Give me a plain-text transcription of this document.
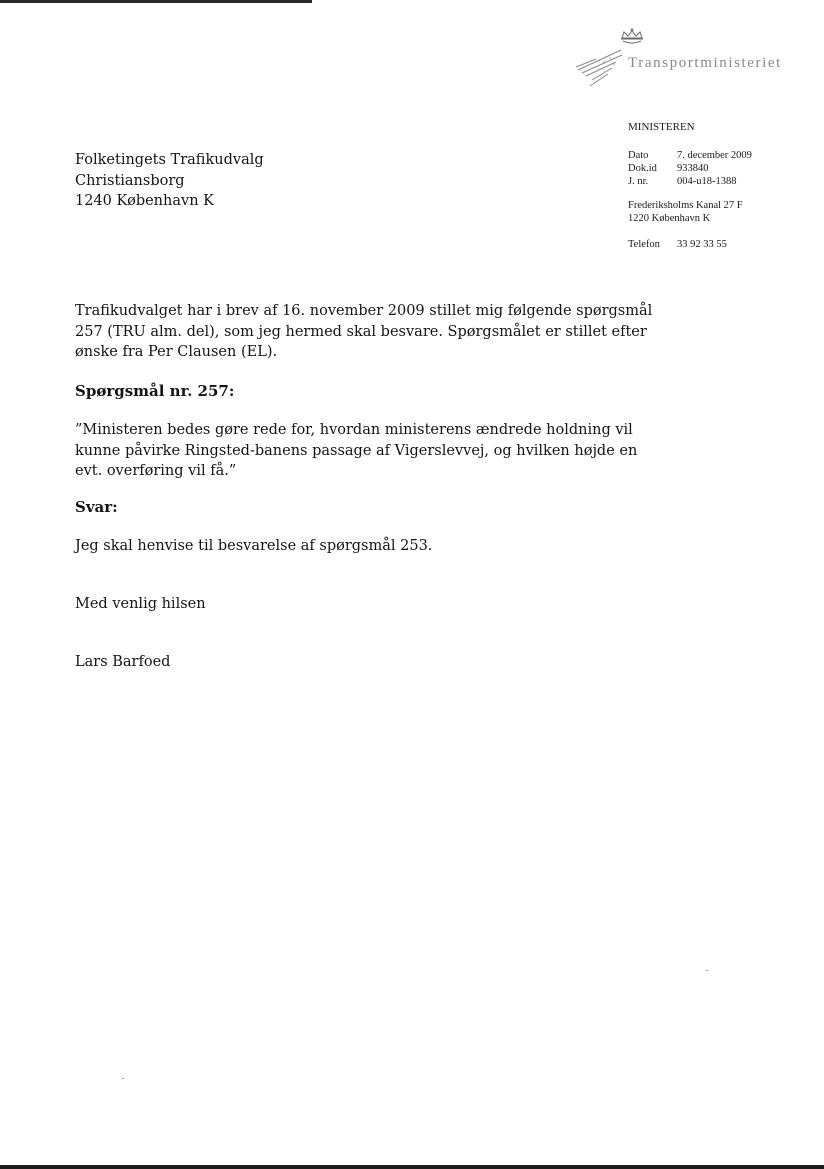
Transportministeriet
MINISTEREN
Dato	7. december 2009
Dok.id	933840
J. nr.	004-u18-1388
Frederiksholms Kanal 27 F
1220 København K
Telefon	33 92 33 55
Folketingets Trafikudvalg
Christiansborg
1240 København K
Trafikudvalget har i brev af 16. november 2009 stillet mig følgende spørgsmål
257 (TRU alm. del), som jeg hermed skal besvare. Spørgsmålet er stillet efter
ønske fra Per Clausen (EL).
Spørgsmål nr. 257:
”Ministeren bedes gøre rede for, hvordan ministerens ændrede holdning vil
kunne påvirke Ringsted-banens passage af Vigerslevvej, og hvilken højde en
evt. overføring vil få.”
Svar:
Jeg skal henvise til besvarelse af spørgsmål 253.
Med venlig hilsen
Lars Barfoed
